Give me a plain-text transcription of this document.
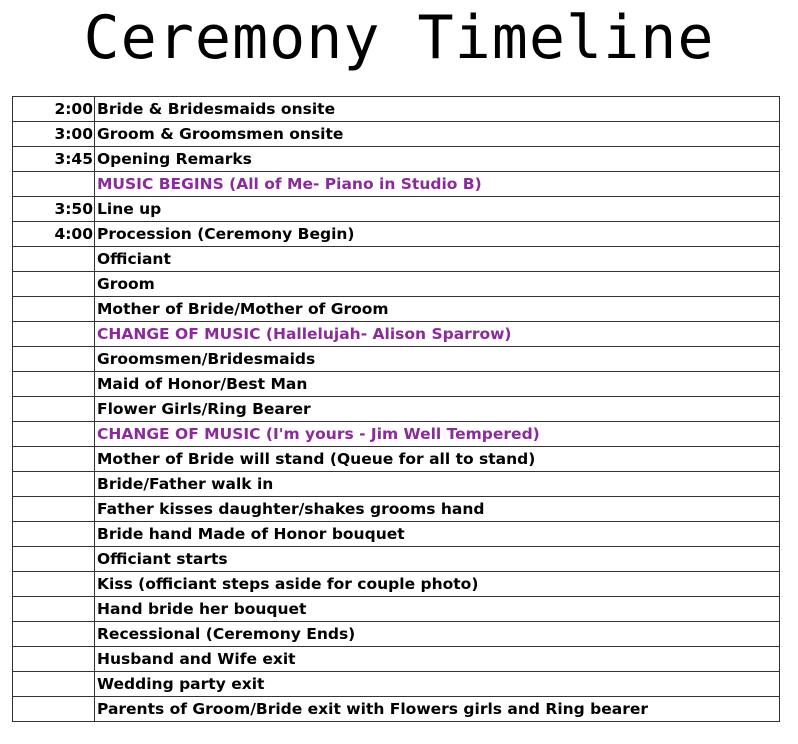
Ceremony Timeline
2:00	Bride & Bridesmaids onsite
3:00	Groom & Groomsmen onsite
3:45	Opening Remarks
	MUSIC BEGINS (All of Me- Piano in Studio B)
3:50	Line up
4:00	Procession (Ceremony Begin)
	Officiant
	Groom
	Mother of Bride/Mother of Groom
	CHANGE OF MUSIC (Hallelujah- Alison Sparrow)
	Groomsmen/Bridesmaids
	Maid of Honor/Best Man
	Flower Girls/Ring Bearer
	CHANGE OF MUSIC (I'm yours - Jim Well Tempered)
	Mother of Bride will stand (Queue for all to stand)
	Bride/Father walk in
	Father kisses daughter/shakes grooms hand
	Bride hand Made of Honor bouquet
	Officiant starts
	Kiss (officiant steps aside for couple photo)
	Hand bride her bouquet
	Recessional (Ceremony Ends)
	Husband and Wife exit
	Wedding party exit
	Parents of Groom/Bride exit with Flowers girls and Ring bearer
